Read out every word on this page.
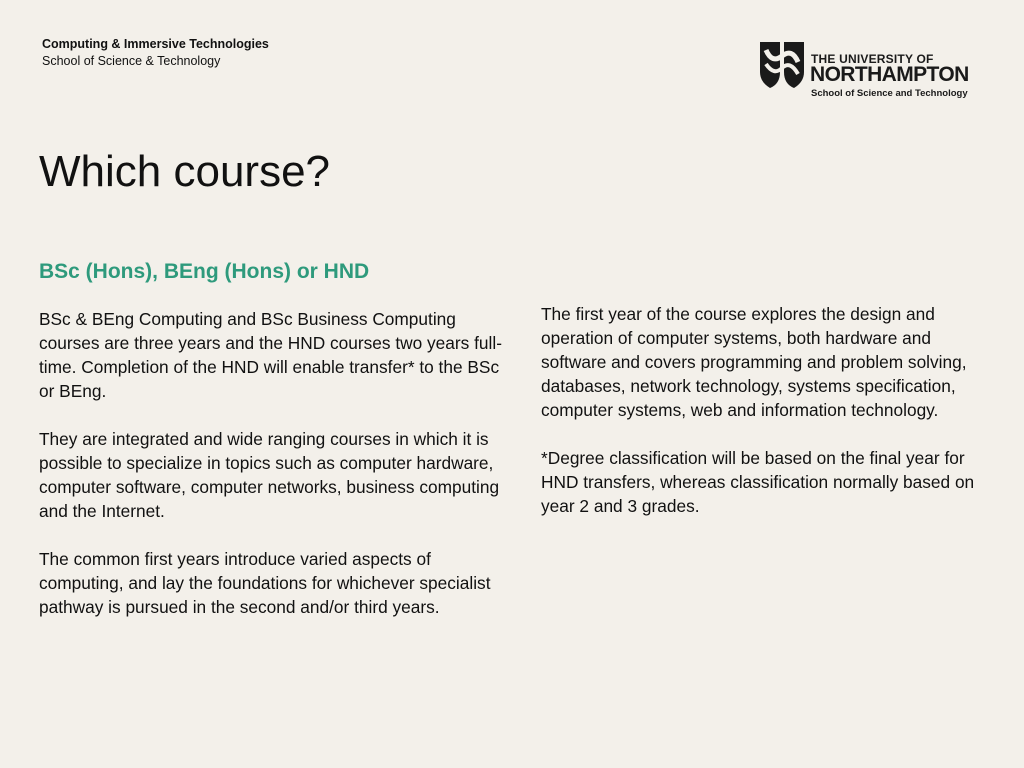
Computing & Immersive Technologies
School of Science & Technology	THE UNIVERSITY OF
NORTHAMPTON
School of Science and Technology
Which course?
BSc (Hons), BEng (Hons) or HND

BSc & BEng Computing and BSc Business Computing courses are three years and the HND courses two years full-time. Completion of the HND will enable transfer* to the BSc or BEng.

They are integrated and wide ranging courses in which it is possible to specialize in topics such as computer hardware, computer software, computer networks, business computing and the Internet.

The common first years introduce varied aspects of computing, and lay the foundations for whichever specialist pathway is pursued in the second and/or third years.

The first year of the course explores the design and operation of computer systems, both hardware and software and covers programming and problem solving, databases, network technology, systems specification, computer systems, web and information technology.

*Degree classification will be based on the final year for HND transfers, whereas classification normally based on year 2 and 3 grades.
